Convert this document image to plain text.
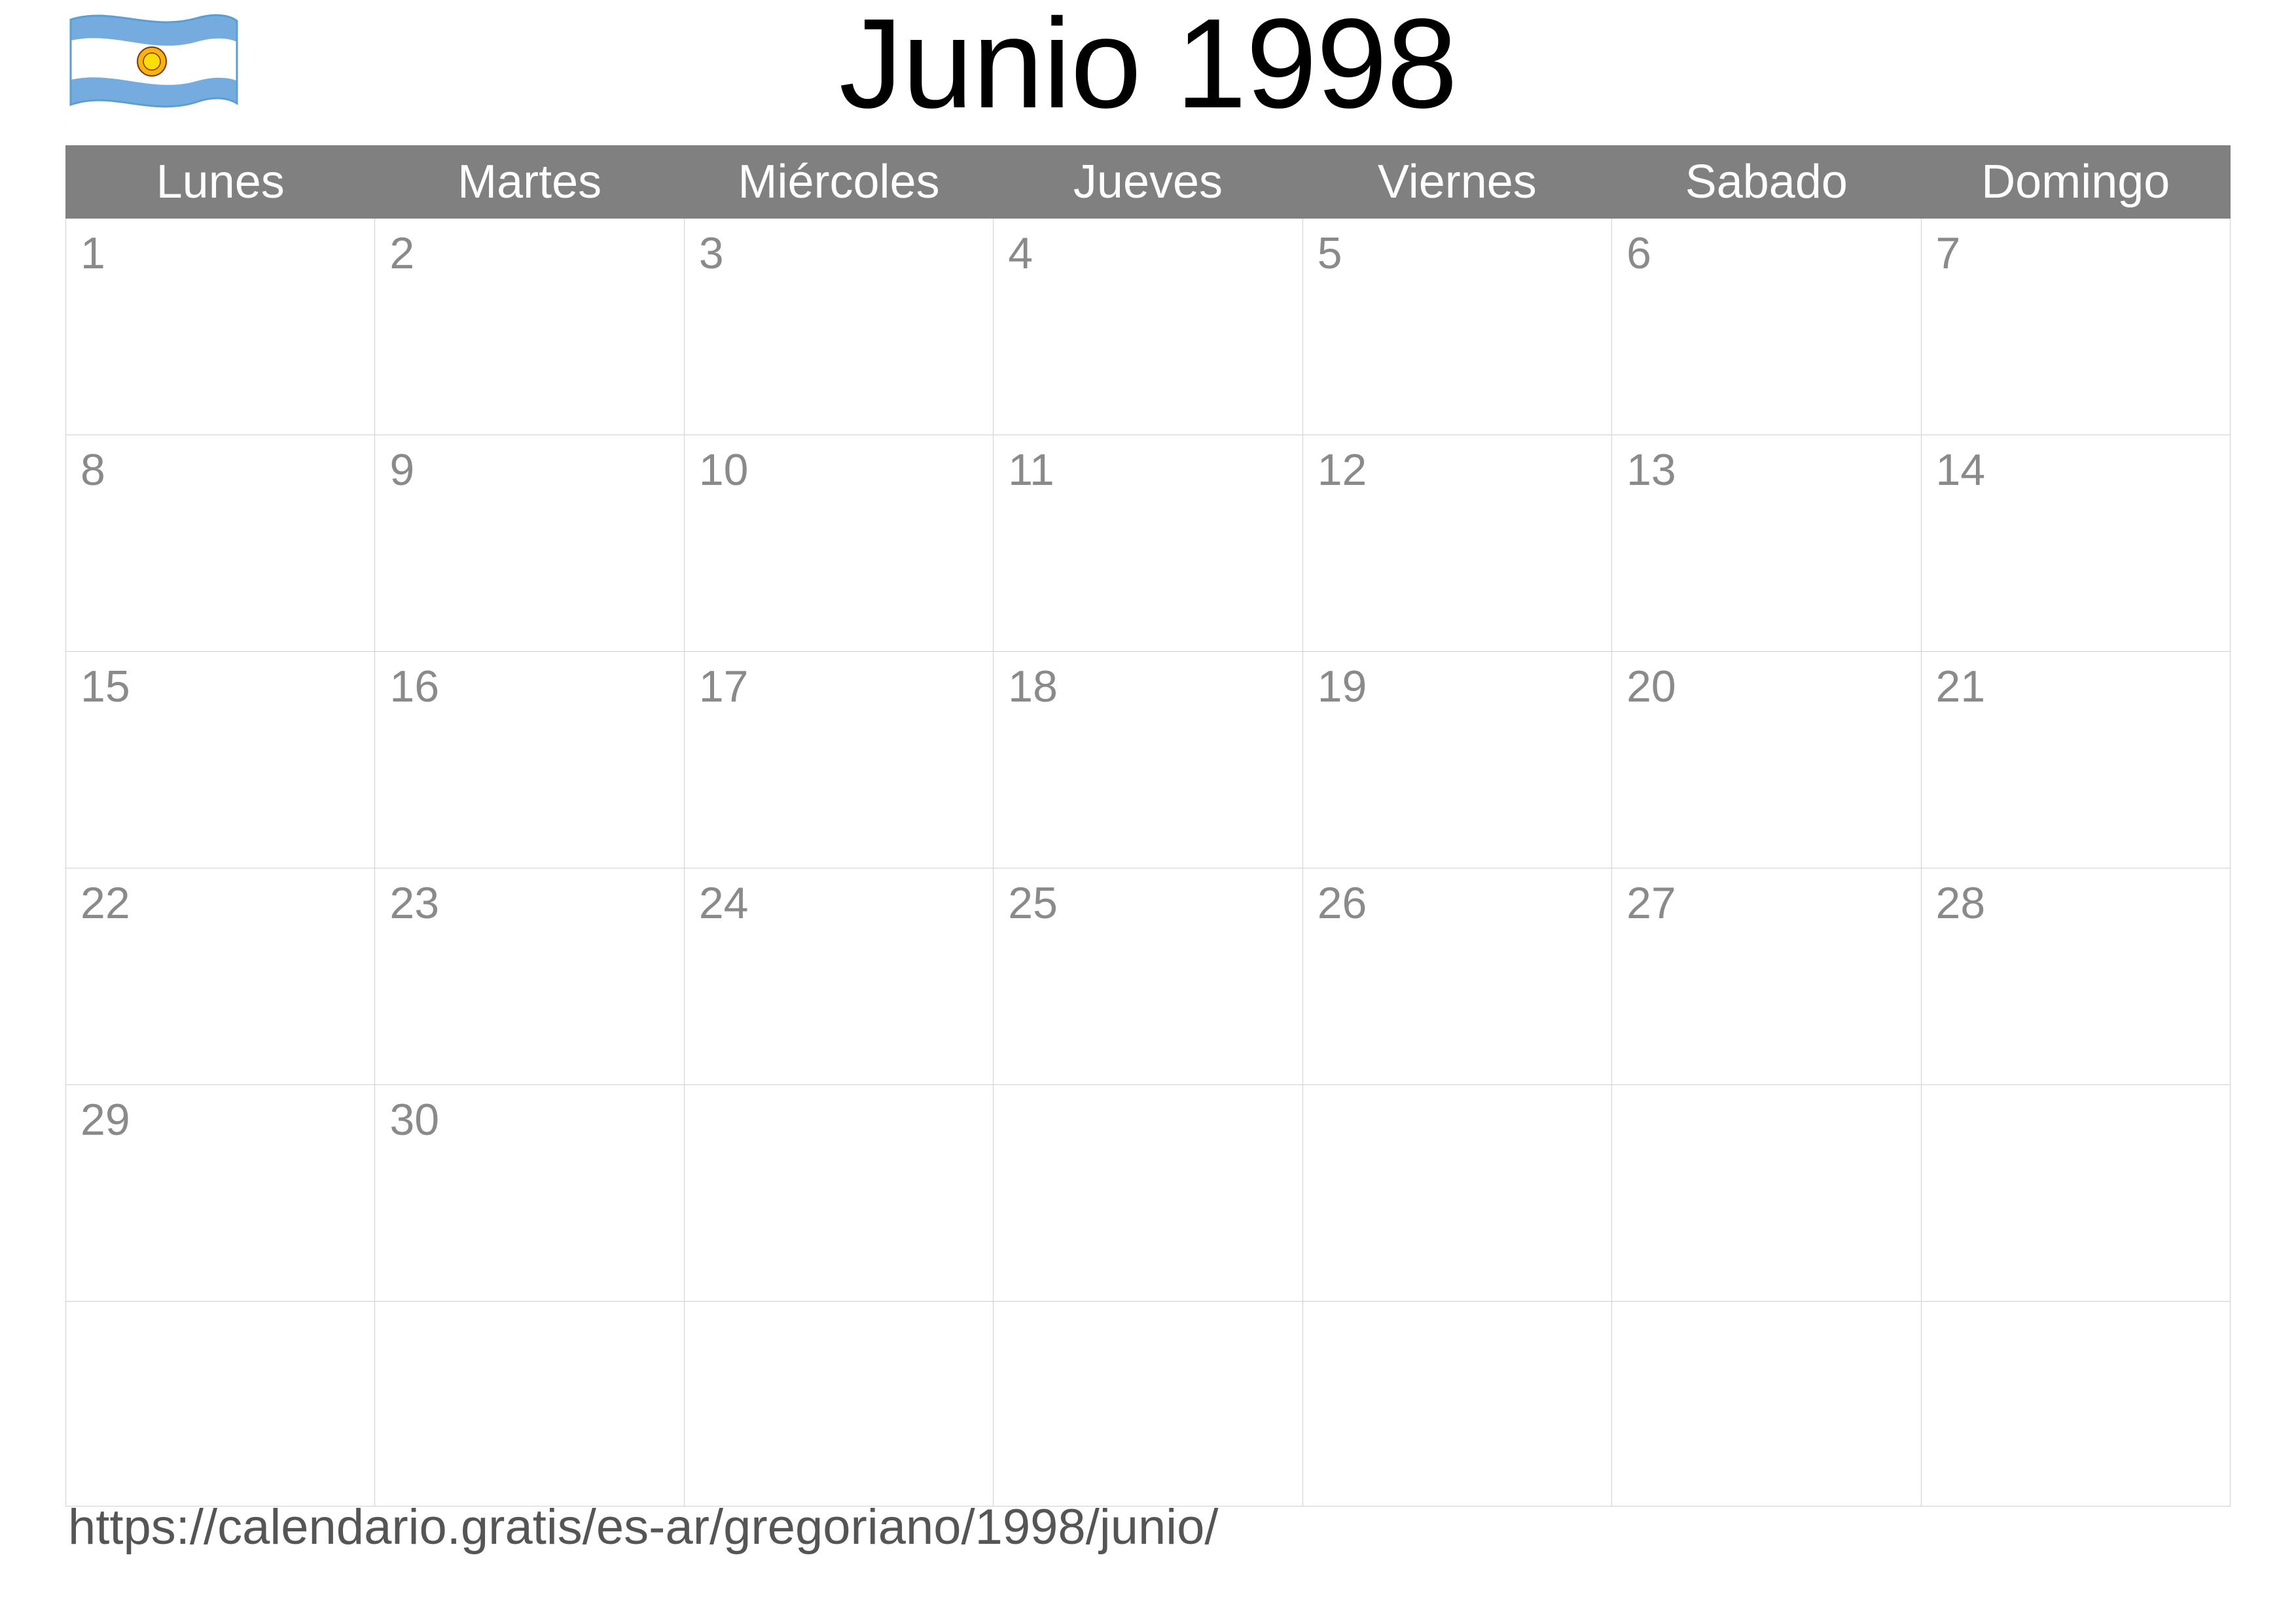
Junio 1998
Lunes	Martes	Miércoles	Jueves	Viernes	Sabado	Domingo

1	2	3	4	5	6	7

8	9	10	11	12	13	14

15	16	17	18	19	20	21

22	23	24	25	26	27	28

29	30					

https://calendario.gratis/es-ar/gregoriano/1998/junio/
